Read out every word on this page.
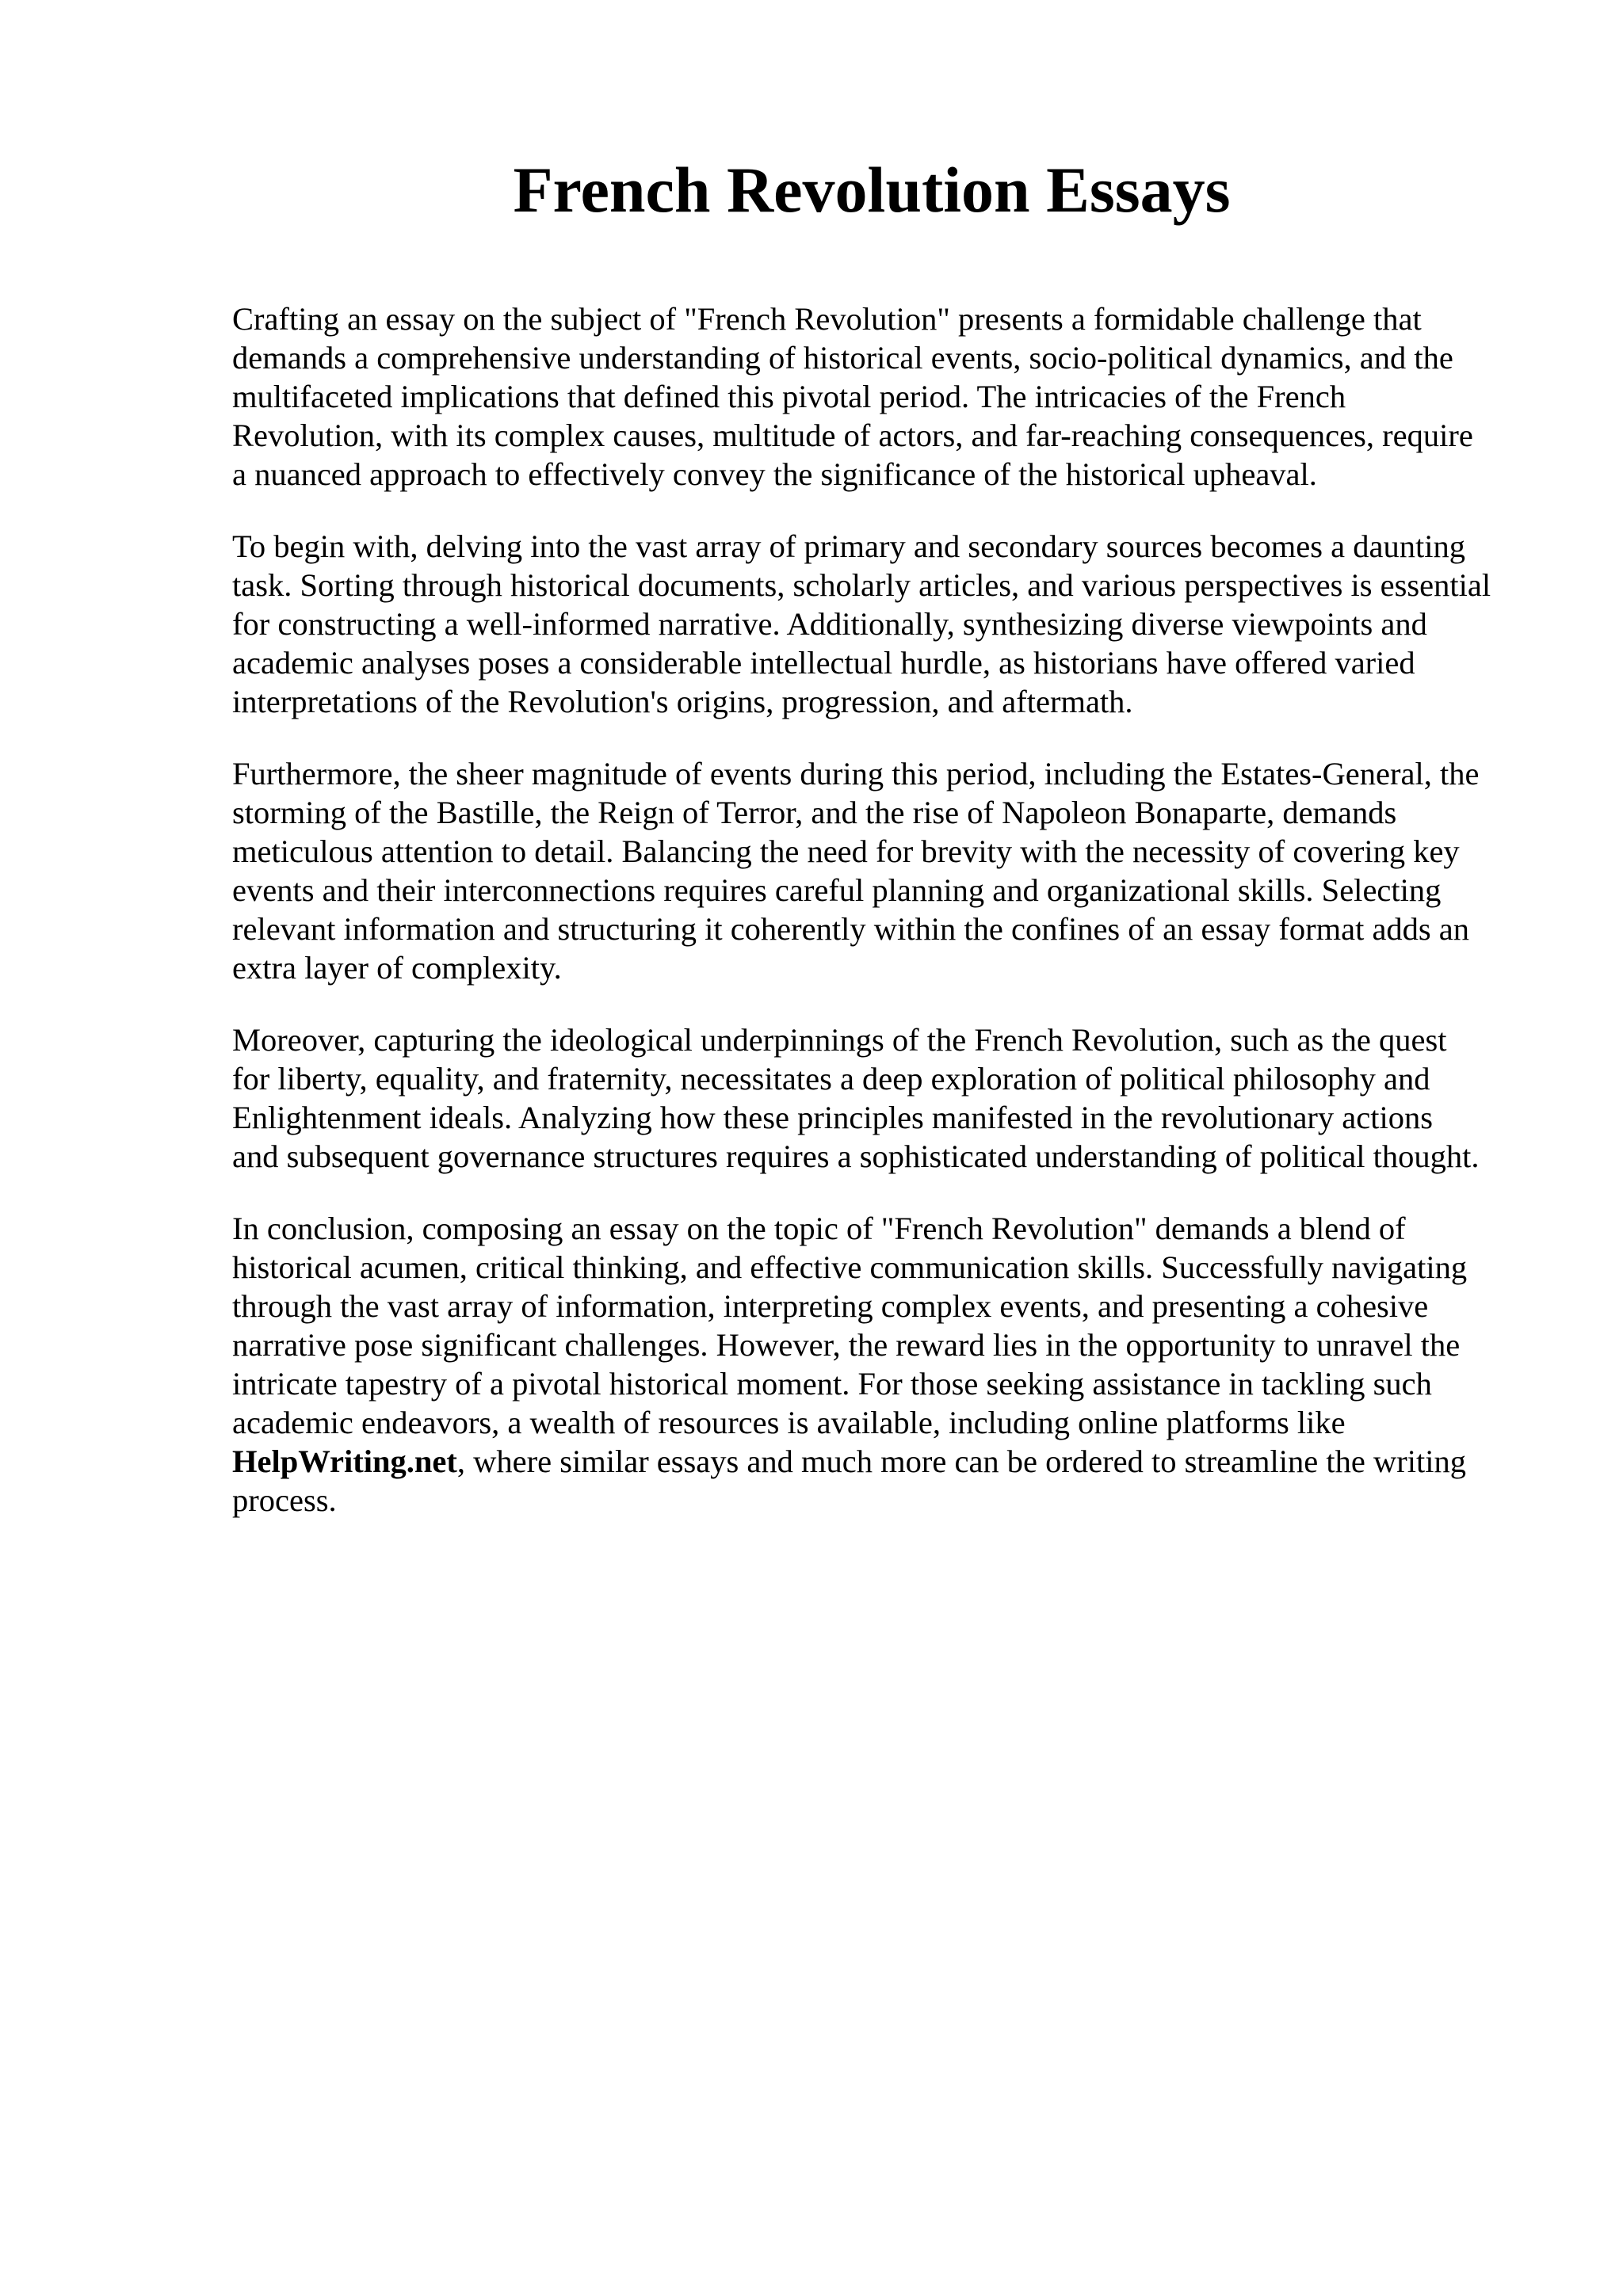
French Revolution Essays

Crafting an essay on the subject of "French Revolution" presents a formidable challenge that
demands a comprehensive understanding of historical events, socio-political dynamics, and the
multifaceted implications that defined this pivotal period. The intricacies of the French
Revolution, with its complex causes, multitude of actors, and far-reaching consequences, require
a nuanced approach to effectively convey the significance of the historical upheaval.

To begin with, delving into the vast array of primary and secondary sources becomes a daunting
task. Sorting through historical documents, scholarly articles, and various perspectives is essential
for constructing a well-informed narrative. Additionally, synthesizing diverse viewpoints and
academic analyses poses a considerable intellectual hurdle, as historians have offered varied
interpretations of the Revolution's origins, progression, and aftermath.

Furthermore, the sheer magnitude of events during this period, including the Estates-General, the
storming of the Bastille, the Reign of Terror, and the rise of Napoleon Bonaparte, demands
meticulous attention to detail. Balancing the need for brevity with the necessity of covering key
events and their interconnections requires careful planning and organizational skills. Selecting
relevant information and structuring it coherently within the confines of an essay format adds an
extra layer of complexity.

Moreover, capturing the ideological underpinnings of the French Revolution, such as the quest
for liberty, equality, and fraternity, necessitates a deep exploration of political philosophy and
Enlightenment ideals. Analyzing how these principles manifested in the revolutionary actions
and subsequent governance structures requires a sophisticated understanding of political thought.

In conclusion, composing an essay on the topic of "French Revolution" demands a blend of
historical acumen, critical thinking, and effective communication skills. Successfully navigating
through the vast array of information, interpreting complex events, and presenting a cohesive
narrative pose significant challenges. However, the reward lies in the opportunity to unravel the
intricate tapestry of a pivotal historical moment. For those seeking assistance in tackling such
academic endeavors, a wealth of resources is available, including online platforms like
HelpWriting.net, where similar essays and much more can be ordered to streamline the writing
process.
